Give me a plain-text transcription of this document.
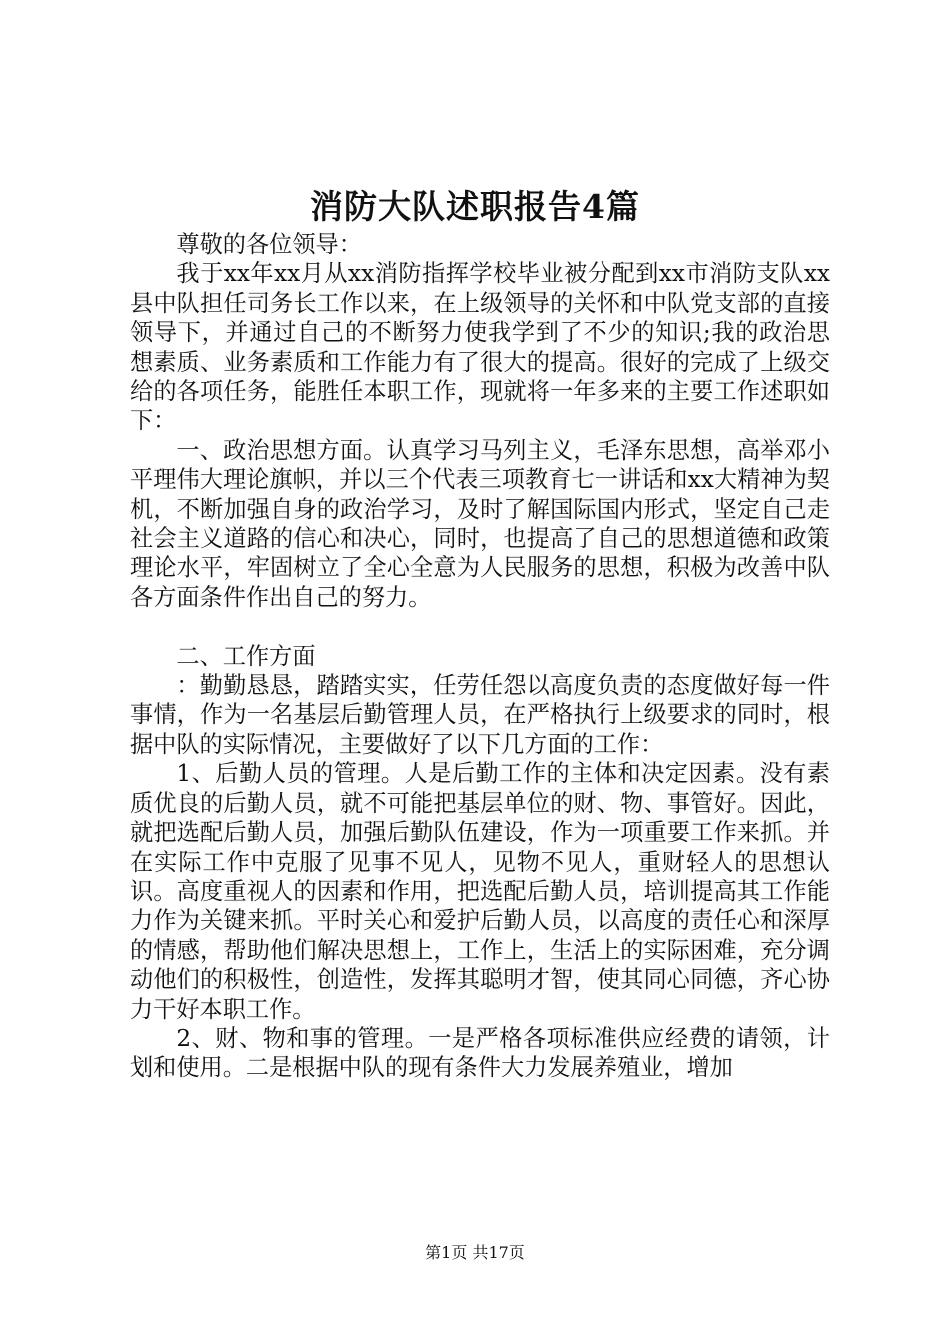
消防大队述职报告4篇

尊敬的各位领导：

我于xx年xx月从xx消防指挥学校毕业被分配到xx市消防支队xx县中队担任司务长工作以来，在上级领导的关怀和中队党支部的直接领导下，并通过自己的不断努力使我学到了不少的知识;我的政治思想素质、业务素质和工作能力有了很大的提高。很好的完成了上级交给的各项任务，能胜任本职工作，现就将一年多来的主要工作述职如下：

一、政治思想方面。认真学习马列主义，毛泽东思想，高举邓小平理伟大理论旗帜，并以三个代表三项教育七一讲话和xx大精神为契机，不断加强自身的政治学习，及时了解国际国内形式，坚定自己走社会主义道路的信心和决心，同时，也提高了自己的思想道德和政策理论水平，牢固树立了全心全意为人民服务的思想，积极为改善中队各方面条件作出自己的努力。

二、工作方面

：勤勤恳恳，踏踏实实，任劳任怨以高度负责的态度做好每一件事情，作为一名基层后勤管理人员，在严格执行上级要求的同时，根据中队的实际情况，主要做好了以下几方面的工作：

1、后勤人员的管理。人是后勤工作的主体和决定因素。没有素质优良的后勤人员，就不可能把基层单位的财、物、事管好。因此，就把选配后勤人员，加强后勤队伍建设，作为一项重要工作来抓。并在实际工作中克服了见事不见人，见物不见人，重财轻人的思想认识。高度重视人的因素和作用，把选配后勤人员，培训提高其工作能力作为关键来抓。平时关心和爱护后勤人员，以高度的责任心和深厚的情感，帮助他们解决思想上，工作上，生活上的实际困难，充分调动他们的积极性，创造性，发挥其聪明才智，使其同心同德，齐心协力干好本职工作。

2、财、物和事的管理。一是严格各项标准供应经费的请领，计划和使用。二是根据中队的现有条件大力发展养殖业，增加

第1页 共17页
